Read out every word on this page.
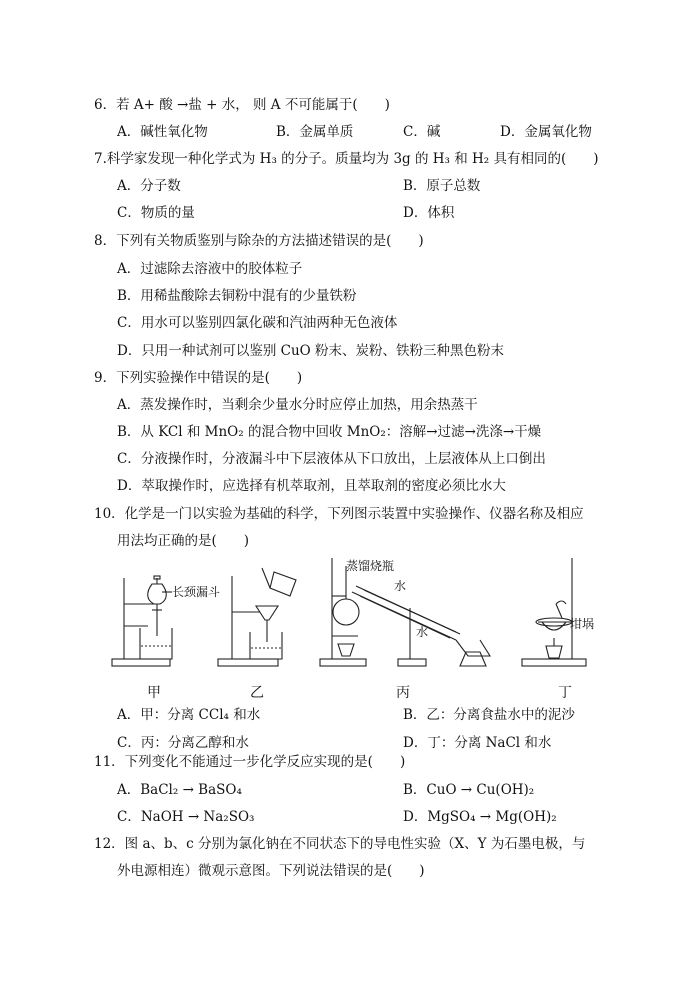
6．若 A+ 酸 →盐 + 水， 则 A 不可能属于(　　)
A．碱性氧化物	B．金属单质	C．碱	D．金属氧化物
7.科学家发现一种化学式为 H₃ 的分子。质量均为 3g 的 H₃ 和 H₂ 具有相同的(　　)
A．分子数	B．原子总数
C．物质的量	D．体积
8．下列有关物质鉴别与除杂的方法描述错误的是(　　)
A．过滤除去溶液中的胶体粒子
B．用稀盐酸除去铜粉中混有的少量铁粉
C．用水可以鉴别四氯化碳和汽油两种无色液体
D．只用一种试剂可以鉴别 CuO 粉末、炭粉、铁粉三种黑色粉末
9．下列实验操作中错误的是(　　)
A．蒸发操作时，当剩余少量水分时应停止加热，用余热蒸干
B．从 KCl 和 MnO₂ 的混合物中回收 MnO₂：溶解→过滤→洗涤→干燥
C．分液操作时，分液漏斗中下层液体从下口放出，上层液体从上口倒出
D．萃取操作时，应选择有机萃取剂，且萃取剂的密度必须比水大
10．化学是一门以实验为基础的科学，下列图示装置中实验操作、仪器名称及相应
用法均正确的是(　　)
长颈漏斗
蒸馏烧瓶
水
水
坩埚
甲	乙	丙	丁
A．甲：分离 CCl₄ 和水	B．乙：分离食盐水中的泥沙
C．丙：分离乙醇和水	D．丁：分离 NaCl 和水
11．下列变化不能通过一步化学反应实现的是(　　)
A．BaCl₂ → BaSO₄	B．CuO → Cu(OH)₂
C．NaOH → Na₂SO₃	D．MgSO₄ → Mg(OH)₂
12．图 a、b、c 分别为氯化钠在不同状态下的导电性实验（X、Y 为石墨电极，与
外电源相连）微观示意图。下列说法错误的是(　　)
